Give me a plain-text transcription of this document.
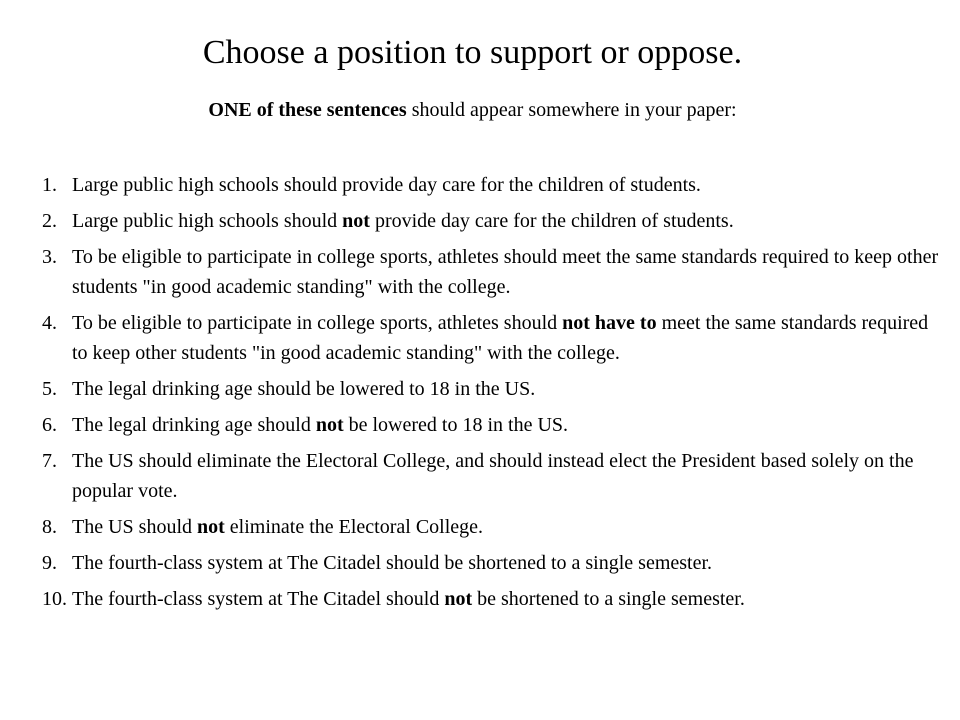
Choose a position to support or oppose.

ONE of these sentences should appear somewhere in your paper:

1. Large public high schools should provide day care for the children of students.
2. Large public high schools should not provide day care for the children of students.
3. To be eligible to participate in college sports, athletes should meet the same standards required to keep other students "in good academic standing" with the college.
4. To be eligible to participate in college sports, athletes should not have to meet the same standards required to keep other students "in good academic standing" with the college.
5. The legal drinking age should be lowered to 18 in the US.
6. The legal drinking age should not be lowered to 18 in the US.
7. The US should eliminate the Electoral College, and should instead elect the President based solely on the popular vote.
8. The US should not eliminate the Electoral College.
9. The fourth-class system at The Citadel should be shortened to a single semester.
10. The fourth-class system at The Citadel should not be shortened to a single semester.
